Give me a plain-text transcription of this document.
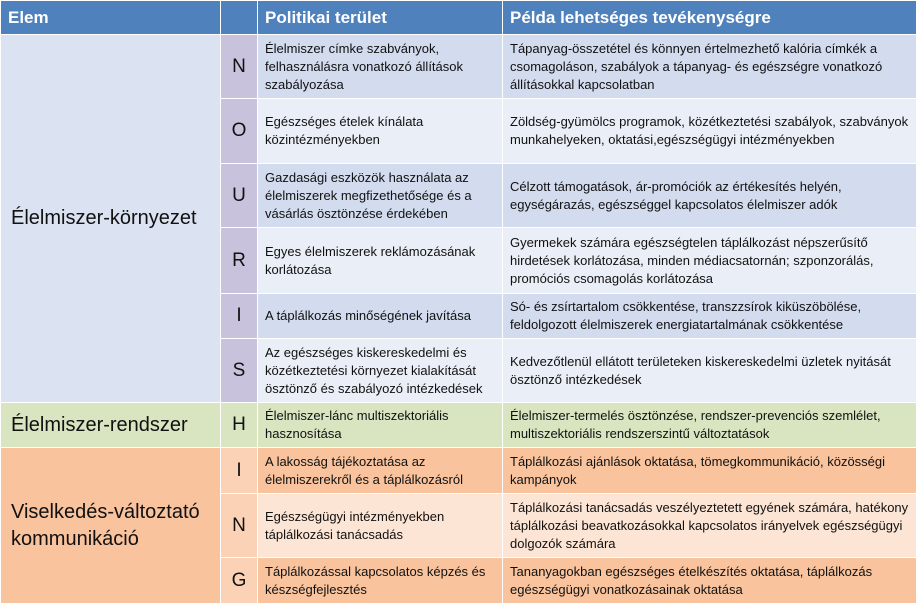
Elem		Politikai terület	Példa lehetséges tevékenységre
Élelmiszer-környezet	N	Élelmiszer címke szabványok, felhasználásra vonatkozó állítások szabályozása	Tápanyag-összetétel és könnyen értelmezhető kalória címkék a csomagoláson, szabályok a tápanyag- és egészségre vonatkozó állításokkal kapcsolatban
	O	Egészséges ételek kínálata közintézményekben	Zöldség-gyümölcs programok, közétkeztetési szabályok, szabványok munkahelyeken, oktatási,egészségügyi intézményekben
	U	Gazdasági eszközök használata az élelmiszerek megfizethetősége és a vásárlás ösztönzése érdekében	Célzott támogatások, ár-promóciók az értékesítés helyén, egységárazás, egészséggel kapcsolatos élelmiszer adók
	R	Egyes élelmiszerek reklámozásának korlátozása	Gyermekek számára egészségtelen táplálkozást népszerűsítő hirdetések korlátozása, minden médiacsatornán; szponzorálás, promóciós csomagolás korlátozása
	I	A táplálkozás minőségének javítása	Só- és zsírtartalom csökkentése, transzzsírok kiküszöbölése, feldolgozott élelmiszerek energiatartalmának csökkentése
	S	Az egészséges kiskereskedelmi és közétkeztetési környezet kialakítását ösztönző és szabályozó intézkedések	Kedvezőtlenül ellátott területeken kiskereskedelmi üzletek nyitását ösztönző intézkedések
Élelmiszer-rendszer	H	Élelmiszer-lánc multiszektoriális hasznosítása	Élelmiszer-termelés ösztönzése, rendszer-prevenciós szemlélet, multiszektoriális rendszerszintű változtatások
Viselkedés-változtató kommunikáció	I	A lakosság tájékoztatása az élelmiszerekről és a táplálkozásról	Táplálkozási ajánlások oktatása, tömegkommunikáció, közösségi kampányok
	N	Egészségügyi intézményekben táplálkozási tanácsadás	Táplálkozási tanácsadás veszélyeztetett egyének számára, hatékony táplálkozási beavatkozásokkal kapcsolatos irányelvek egészségügyi dolgozók számára
	G	Táplálkozással kapcsolatos képzés és készségfejlesztés	Tananyagokban egészséges ételkészítés oktatása, táplálkozás egészségügyi vonatkozásainak oktatása
